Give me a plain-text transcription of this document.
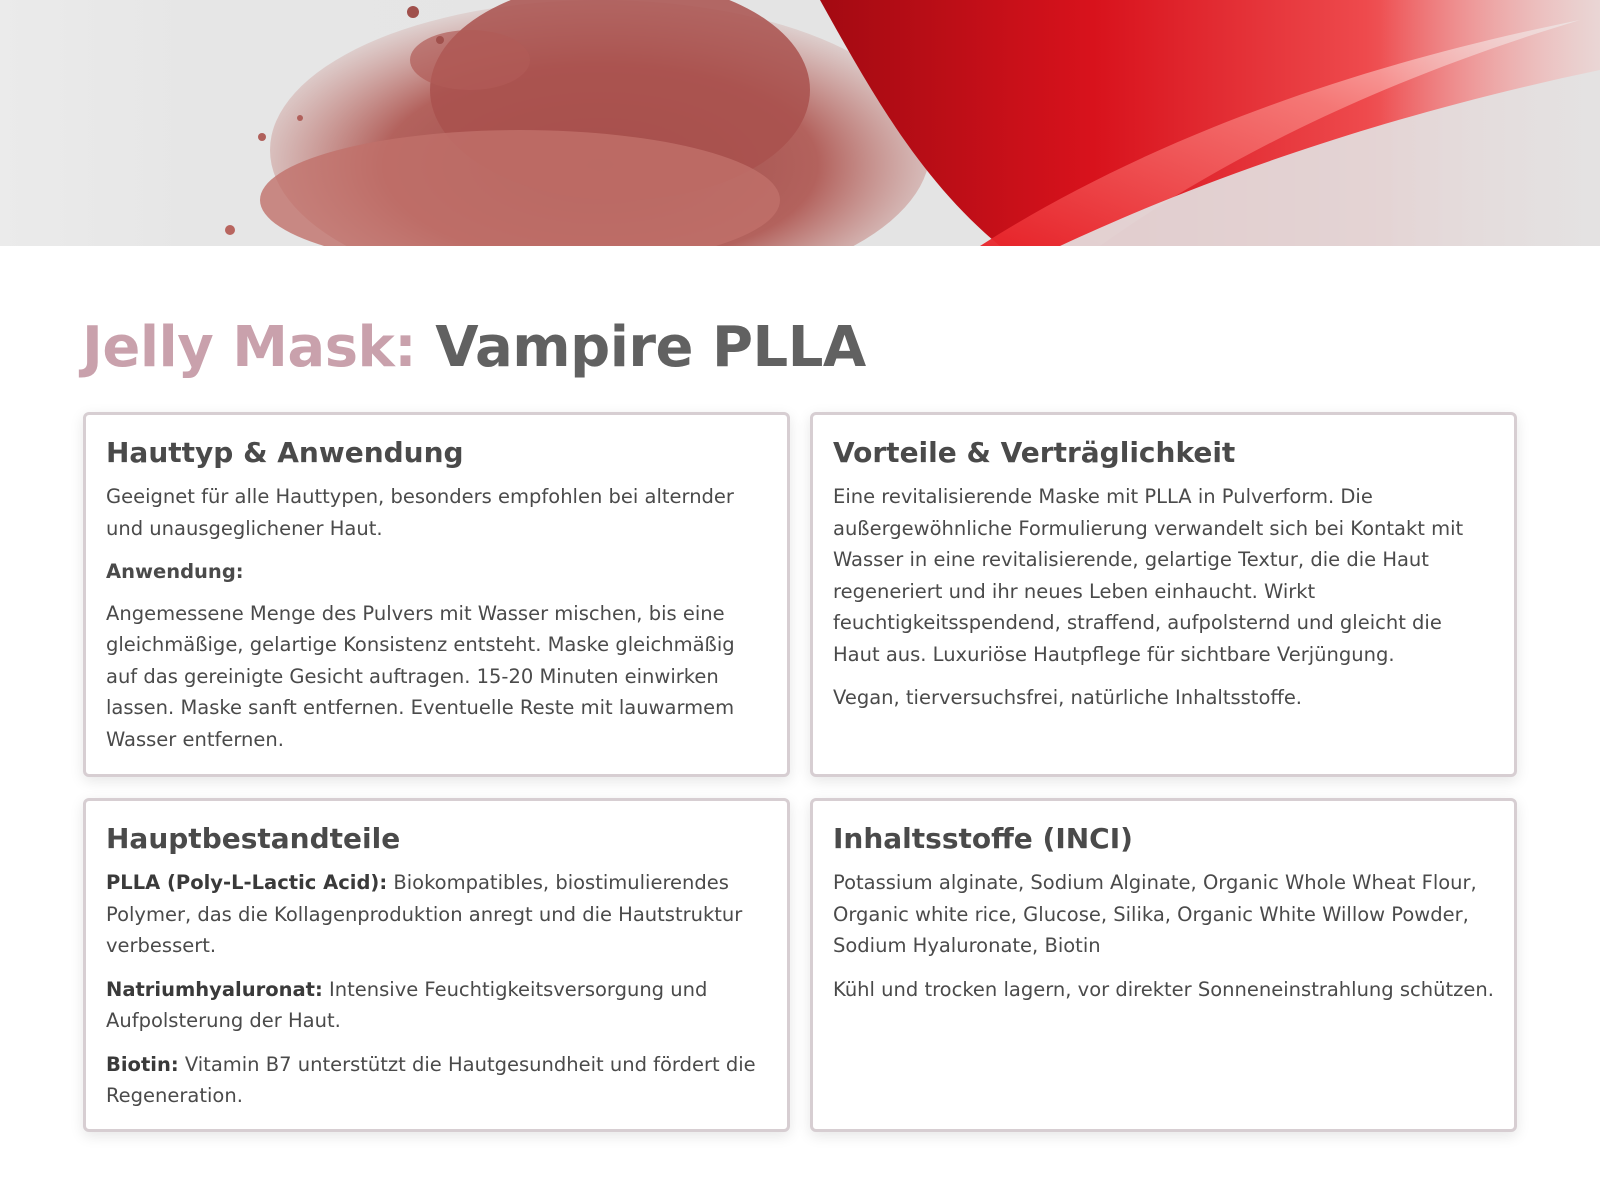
Jelly Mask: Vampire PLLA
Hauttyp & Anwendung

Geeignet für alle Hauttypen, besonders empfohlen bei alternder und unausgeglichener Haut.

Anwendung:

Angemessene Menge des Pulvers mit Wasser mischen, bis eine gleichmäßige, gelartige Konsistenz entsteht. Maske gleichmäßig auf das gereinigte Gesicht auftragen. 15-20 Minuten einwirken lassen. Maske sanft entfernen. Eventuelle Reste mit lauwarmem Wasser entfernen.

Vorteile & Verträglichkeit

Eine revitalisierende Maske mit PLLA in Pulverform. Die außergewöhnliche Formulierung verwandelt sich bei Kontakt mit Wasser in eine revitalisierende, gelartige Textur, die die Haut regeneriert und ihr neues Leben einhaucht. Wirkt feuchtigkeitsspendend, straffend, aufpolsternd und gleicht die Haut aus. Luxuriöse Hautpflege für sichtbare Verjüngung.

Vegan, tierversuchsfrei, natürliche Inhaltsstoffe.

Hauptbestandteile

PLLA (Poly-L-Lactic Acid): Biokompatibles, biostimulierendes Polymer, das die Kollagenproduktion anregt und die Hautstruktur verbessert.

Natriumhyaluronat: Intensive Feuchtigkeitsversorgung und Aufpolsterung der Haut.

Biotin: Vitamin B7 unterstützt die Hautgesundheit und fördert die Regeneration.

Inhaltsstoffe (INCI)

Potassium alginate, Sodium Alginate, Organic Whole Wheat Flour, Organic white rice, Glucose, Silika, Organic White Willow Powder, Sodium Hyaluronate, Biotin

Kühl und trocken lagern, vor direkter Sonneneinstrahlung schützen.
